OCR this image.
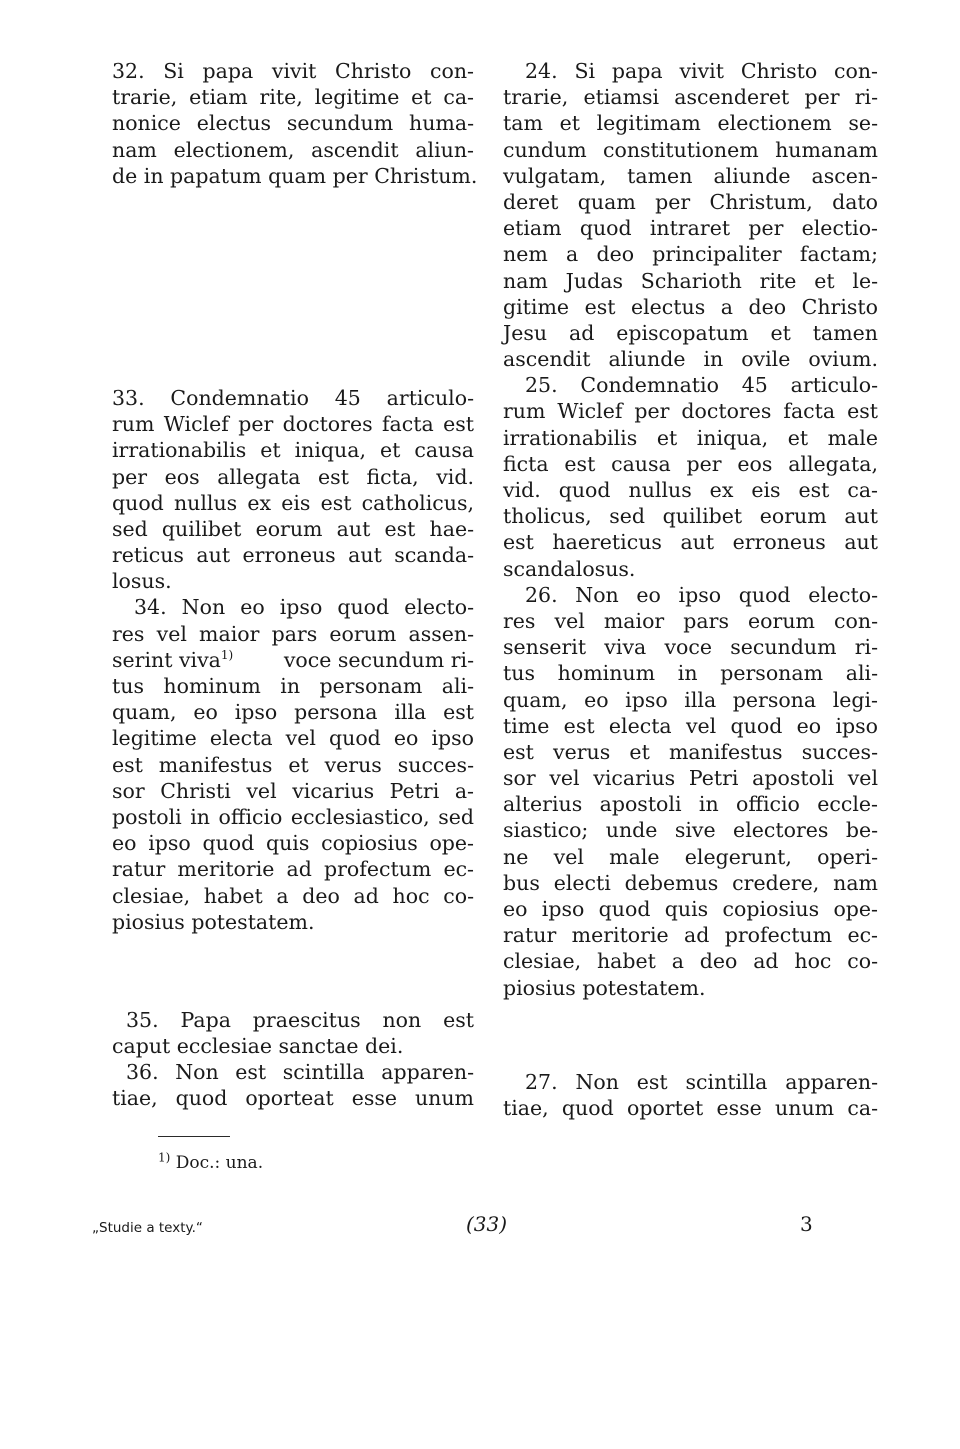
32. Si papa vivit Christo con-
trarie, etiam rite, legitime et ca-
nonice electus secundum huma-
nam electionem, ascendit aliun-
de in papatum quam per Christum.
33. Condemnatio 45 articulo-
rum Wiclef per doctores facta est
irrationabilis et iniqua, et causa
per eos allegata est ficta, vid.
quod nullus ex eis est catholicus,
sed quilibet eorum aut est hae-
reticus aut erroneus aut scanda-
losus.
34. Non eo ipso quod electo-
res vel maior pars eorum assen-
serint viva$^{1)}$ voce secundum ri-
tus hominum in personam ali-
quam, eo ipso persona illa est
legitime electa vel quod eo ipso
est manifestus et verus succes-
sor Christi vel vicarius Petri a-
postoli in officio ecclesiastico, sed
eo ipso quod quis copiosius ope-
ratur meritorie ad profectum ec-
clesiae, habet a deo ad hoc co-
piosius potestatem.
35. Papa praescitus non est
caput ecclesiae sanctae dei.
36. Non est scintilla apparen-
tiae, quod oporteat esse unum
24. Si papa vivit Christo con-
trarie, etiamsi ascenderet per ri-
tam et legitimam electionem se-
cundum constitutionem humanam
vulgatam, tamen aliunde ascen-
deret quam per Christum, dato
etiam quod intraret per electio-
nem a deo principaliter factam;
nam Judas Scharioth rite et le-
gitime est electus a deo Christo
Jesu ad episcopatum et tamen
ascendit aliunde in ovile ovium.
25. Condemnatio 45 articulo-
rum Wiclef per doctores facta est
irrationabilis et iniqua, et male
ficta est causa per eos allegata,
vid. quod nullus ex eis est ca-
tholicus, sed quilibet eorum aut
est haereticus aut erroneus aut
scandalosus.
26. Non eo ipso quod electo-
res vel maior pars eorum con-
senserit viva voce secundum ri-
tus hominum in personam ali-
quam, eo ipso illa persona legi-
time est electa vel quod eo ipso
est verus et manifestus succes-
sor vel vicarius Petri apostoli vel
alterius apostoli in officio eccle-
siastico; unde sive electores be-
ne vel male elegerunt, operi-
bus electi debemus credere, nam
eo ipso quod quis copiosius ope-
ratur meritorie ad profectum ec-
clesiae, habet a deo ad hoc co-
piosius potestatem.
27. Non est scintilla apparen-
tiae, quod oportet esse unum ca-
$^{1)}$ Doc.: una.
„Studie a texty.“	(33)	3
